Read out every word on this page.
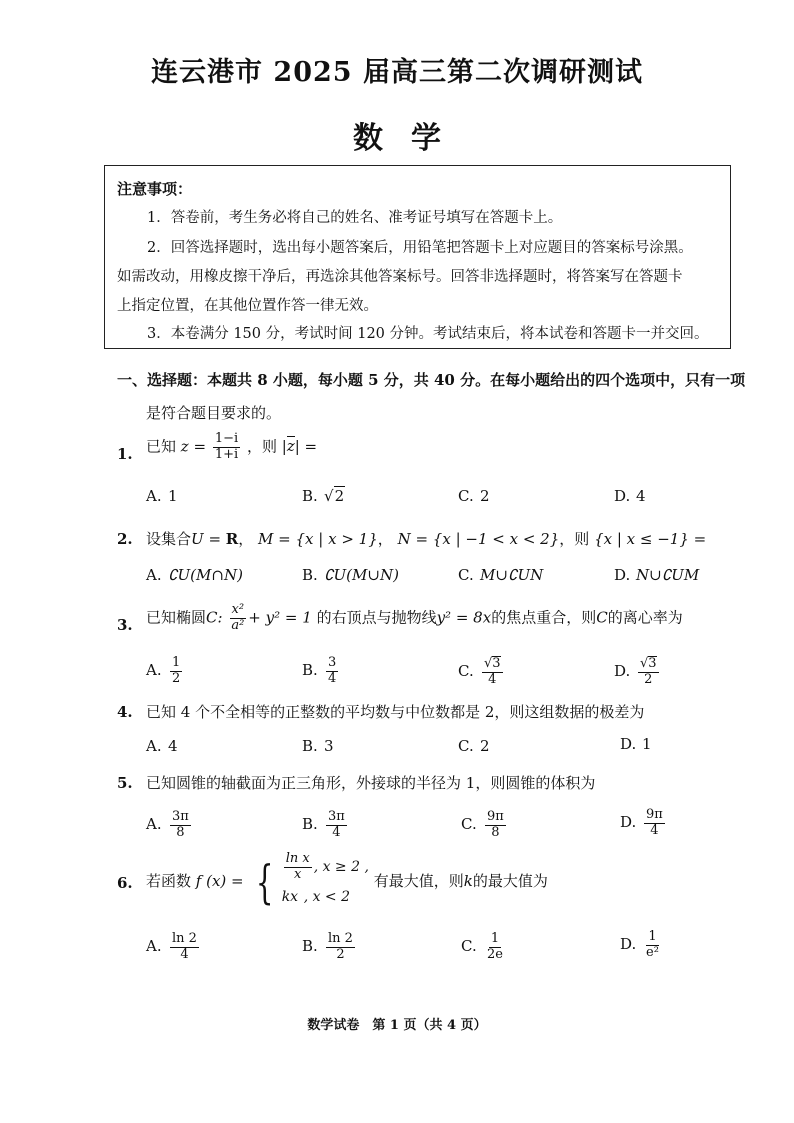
连云港市 2025 届高三第二次调研测试
数学
注意事项：
1．答卷前，考生务必将自己的姓名、准考证号填写在答题卡上。
2．回答选择题时，选出每小题答案后，用铅笔把答题卡上对应题目的答案标号涂黑。
如需改动，用橡皮擦干净后，再选涂其他答案标号。回答非选择题时，将答案写在答题卡
上指定位置，在其他位置作答一律无效。
3．本卷满分 150 分，考试时间 120 分钟。考试结束后，将本试卷和答题卡一并交回。
一、选择题：本题共 8 小题，每小题 5 分，共 40 分。在每小题给出的四个选项中，只有一项
是符合题目要求的。
1. 已知 $z = \frac{1-i}{1+i}$ ，则 |z| =
A. 1	B. √2	C. 2	D. 4
2. 设集合U = R， M = {x | x > 1}， N = {x | −1 < x < 2}，则 {x | x ≤ −1} =
A. ∁U(M∩N)	B. ∁U(M∪N)	C. M∪∁UN	D. N∪∁UM
3. 已知椭圆C: $\frac{\text{x²}}{\text{a²}} + y^2 = 1$ 的右顶点与抛物线y² = 8x的焦点重合，则C的离心率为
A. $\frac{1}{2}$	B. $\frac{3}{4}$	C. $\frac{√3}{4}$	D. $\frac{√3}{2}$
4. 已知 4 个不全相等的正整数的平均数与中位数都是 2，则这组数据的极差为
A. 4	B. 3	C. 2	D. 1
5. 已知圆锥的轴截面为正三角形，外接球的半径为 1，则圆锥的体积为
A. $\frac{3\pi}{8}$	B. $\frac{3\pi}{4}$	C. $\frac{9\pi}{8}$	D. $\frac{9\pi}{4}$
6. 若函数 f (x) = { $\frac{\text{ln x}}{x}$ , x ≥ 2 ,
kx , x < 2
有最大值，则k的最大值为
A. $\frac{\ln 2}{4}$	B. $\frac{\ln 2}{2}$	C. $\frac{1}{2e}$	D. $\frac{1}{\text{e²}}$
数学试卷　第 1 页（共 4 页）
